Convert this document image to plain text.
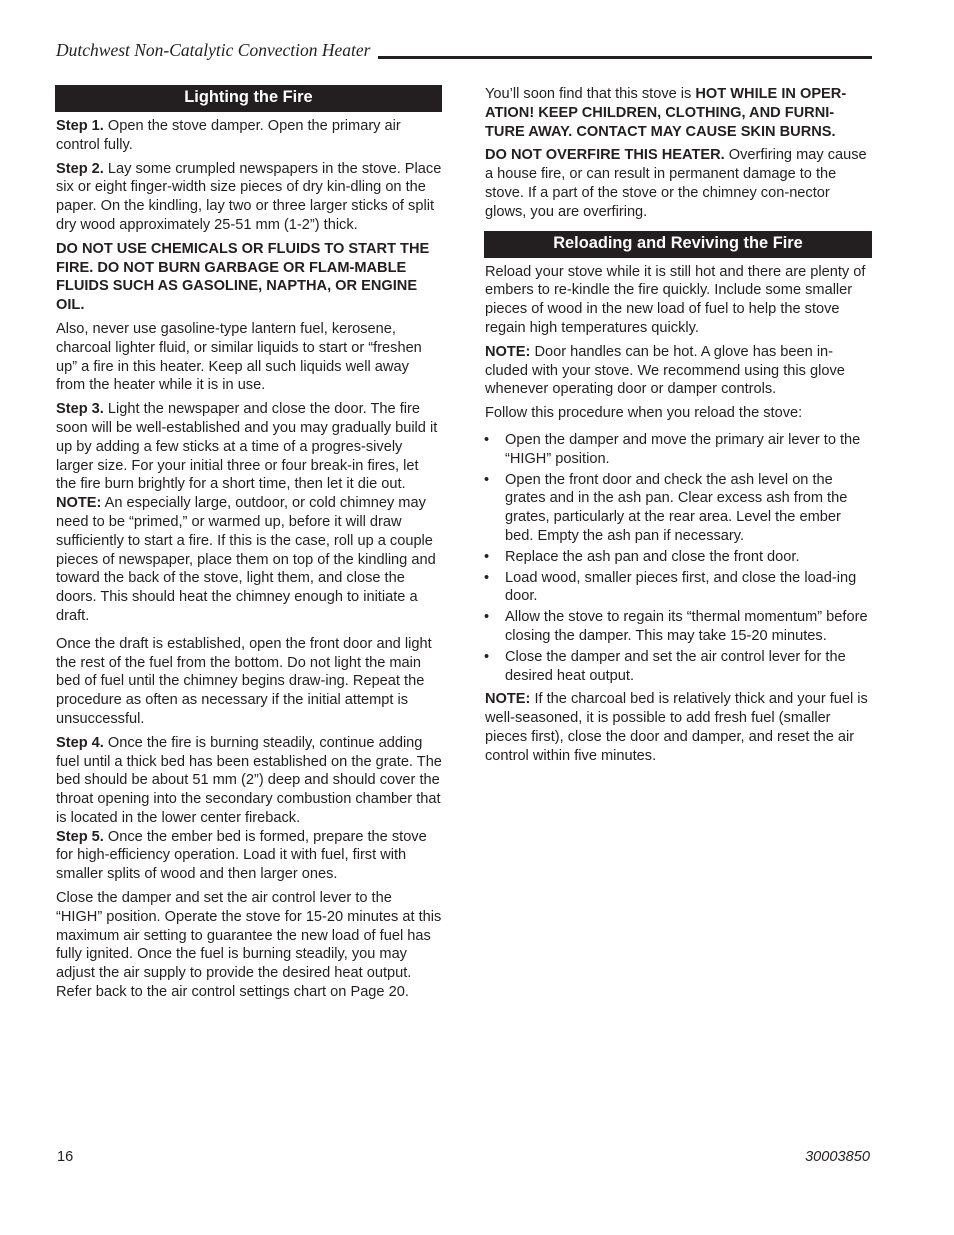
Dutchwest Non-Catalytic Convection Heater
Lighting the Fire

Step 1. Open the stove damper. Open the primary air control fully.

Step 2. Lay some crumpled newspapers in the stove. Place six or eight finger-width size pieces of dry kin-dling on the paper. On the kindling, lay two or three larger sticks of split dry wood approximately 25-51 mm (1-2”) thick.

DO NOT USE CHEMICALS OR FLUIDS TO START THE FIRE. DO NOT BURN GARBAGE OR FLAM-MABLE FLUIDS SUCH AS GASOLINE, NAPTHA, OR ENGINE OIL.

Also, never use gasoline-type lantern fuel, kerosene, charcoal lighter fluid, or similar liquids to start or “freshen up” a fire in this heater. Keep all such liquids well away from the heater while it is in use.

Step 3. Light the newspaper and close the door. The fire soon will be well-established and you may gradually build it up by adding a few sticks at a time of a progres-sively larger size. For your initial three or four break-in fires, let the fire burn brightly for a short time, then let it die out.

NOTE: An especially large, outdoor, or cold chimney may need to be “primed,” or warmed up, before it will draw sufficiently to start a fire. If this is the case, roll up a couple pieces of newspaper, place them on top of the kindling and toward the back of the stove, light them, and close the doors. This should heat the chimney enough to initiate a draft.

Once the draft is established, open the front door and light the rest of the fuel from the bottom. Do not light the main bed of fuel until the chimney begins draw-ing. Repeat the procedure as often as necessary if the initial attempt is unsuccessful.

Step 4. Once the fire is burning steadily, continue adding fuel until a thick bed has been established on the grate. The bed should be about 51 mm (2”) deep and should cover the throat opening into the secondary combustion chamber that is located in the lower center fireback.

Step 5. Once the ember bed is formed, prepare the stove for high-efficiency operation. Load it with fuel, first with smaller splits of wood and then larger ones.

Close the damper and set the air control lever to the “HIGH” position. Operate the stove for 15-20 minutes at this maximum air setting to guarantee the new load of fuel has fully ignited. Once the fuel is burning steadily, you may adjust the air supply to provide the desired heat output. Refer back to the air control settings chart on Page 20.

You’ll soon find that this stove is HOT WHILE IN OPER-ATION! KEEP CHILDREN, CLOTHING, AND FURNI-TURE AWAY. CONTACT MAY CAUSE SKIN BURNS.

DO NOT OVERFIRE THIS HEATER. Overfiring may cause a house fire, or can result in permanent damage to the stove. If a part of the stove or the chimney con-nector glows, you are overfiring.

Reloading and Reviving the Fire

Reload your stove while it is still hot and there are plenty of embers to re-kindle the fire quickly. Include some smaller pieces of wood in the new load of fuel to help the stove regain high temperatures quickly.

NOTE: Door handles can be hot. A glove has been in-cluded with your stove. We recommend using this glove whenever operating door or damper controls.

Follow this procedure when you reload the stove:

• Open the damper and move the primary air lever to the “HIGH” position.
• Open the front door and check the ash level on the grates and in the ash pan. Clear excess ash from the grates, particularly at the rear area. Level the ember bed. Empty the ash pan if necessary.
• Replace the ash pan and close the front door.
• Load wood, smaller pieces first, and close the load-ing door.
• Allow the stove to regain its “thermal momentum” before closing the damper. This may take 15-20 minutes.
• Close the damper and set the air control lever for the desired heat output.

NOTE: If the charcoal bed is relatively thick and your fuel is well-seasoned, it is possible to add fresh fuel (smaller pieces first), close the door and damper, and reset the air control within five minutes.

16	30003850
